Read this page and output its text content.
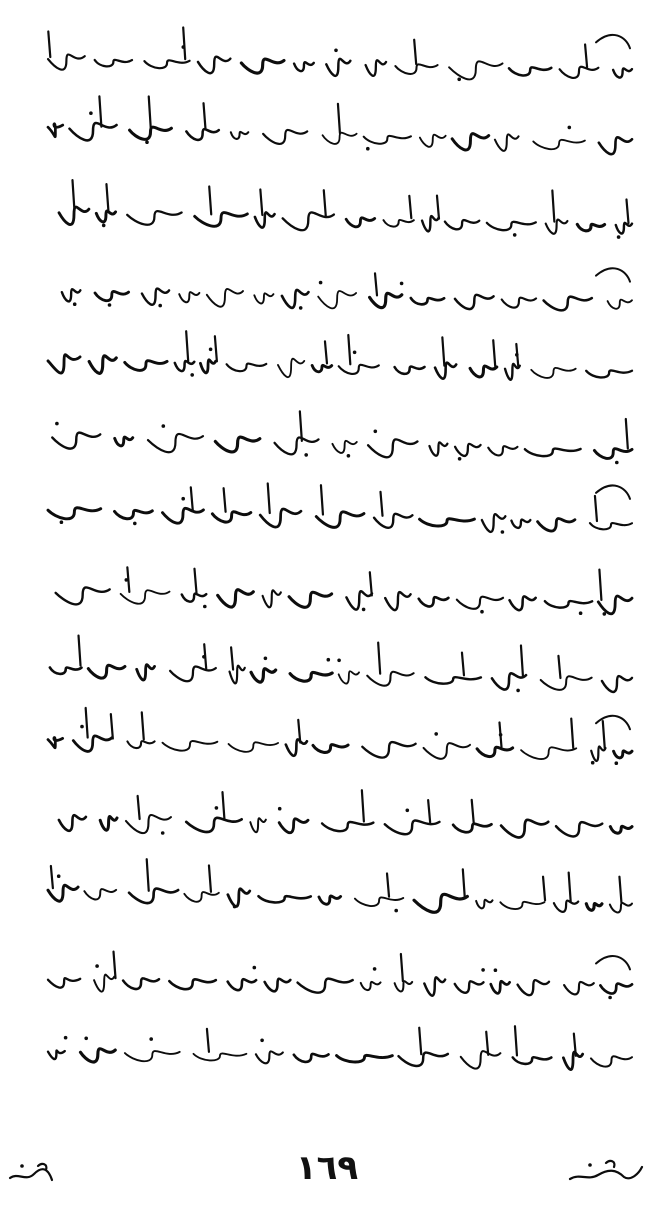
١٦٩
